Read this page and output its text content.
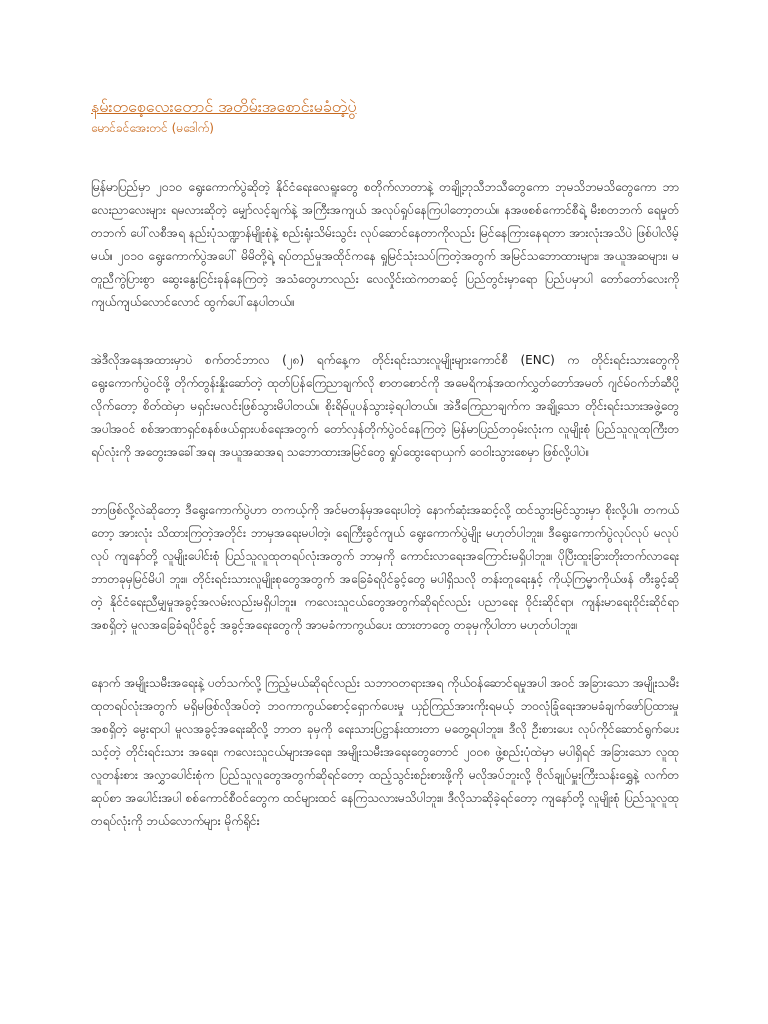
နမ်းတစေ့လေးတောင် အတိမ်းအစောင်းမခံတဲ့ပွဲ
မောင်ခင်အေးတင် (မဒေါက်)

မြန်မာပြည်မှာ ၂၀၁၀ ရွေးကောက်ပွဲဆိုတဲ့ နိုင်ငံရေးလေရူးတွေ စတိုက်လာတာနဲ့ တချို့ဘုသီဘသီတွေကော ဘုမသိဘမသိတွေကော ဘာလေးညာလေးများ ရမလားဆိုတဲ့ မျှော်လင့်ချက်နဲ့ အကြီးအကျယ် အလုပ်ရှုပ်နေကြပါတော့တယ်။ နအဖစစ်ကောင်စီရဲ့ မီးစတဘက် ရေမှုတ်တဘက် ပေါ်လစီအရ နည်းပုံသဏ္ဍာန်မျိုးစုံနဲ့ စည်းရုံးသိမ်းသွင်း လုပ်ဆောင်နေတာကိုလည်း မြင်နေကြားနေရတာ အားလုံးအသိပဲ ဖြစ်ပါလိမ့်မယ်။ ၂၀၁၀ ရွေးကောက်ပွဲအပေါ် မိမိတို့ရဲ့ ရပ်တည်မှုအထိုင်ကနေ ရှုမြင်သုံးသပ်ကြတဲ့အတွက် အမြင်သဘောထားများ၊ အယူအဆများ၊ မတူညီကွဲပြားစွာ ဆွေးနွေးငြင်းခုန်နေကြတဲ့ အသံတွေဟာလည်း လေလှိုင်းထဲကတဆင့် ပြည်တွင်းမှာရော ပြည်ပမှာပါ တော်တော်လေးကို ကျယ်ကျယ်လောင်လောင် ထွက်ပေါ်နေပါတယ်။

အဲဒီလိုအနေအထားမှာပဲ စက်တင်ဘာလ (၂၈) ရက်နေ့က တိုင်းရင်းသားလူမျိုးများကောင်စီ (ENC) က တိုင်းရင်းသားတွေကို ရွေးကောက်ပွဲဝင်ဖို့ တိုက်တွန်းနှိုးဆော်တဲ့ ထုတ်ပြန်ကြေညာချက်လို စာတစောင်ကို အမေရိကန်အထက်လွှတ်တော်အမတ် ဂျင်မ်ဝက်ဘ်ဆီပို့လိုက်တော့ စိတ်ထဲမှာ မရှင်းမလင်းဖြစ်သွားမိပါတယ်။ စိုးရိမ်ပူပန်သွားခဲ့ရပါတယ်။ အဲဒီကြေညာချက်က အချို့သော တိုင်းရင်းသားအဖွဲ့တွေအပါအဝင် စစ်အာဏာရှင်စနစ်ဖယ်ရှားပစ်ရေးအတွက် တော်လှန်တိုက်ပွဲဝင်နေကြတဲ့ မြန်မာပြည်တဝှမ်းလုံးက လူမျိုးစုံ ပြည်သူလူထုကြီးတရပ်လုံးကို အတွေးအခေါ်အရ၊ အယူအဆအရ သဘောထားအမြင်တွေ ရှုပ်ထွေးရောယှက် ဝေဝါးသွားစေမှာ ဖြစ်လို့ပါပဲ။

ဘာဖြစ်လို့လဲဆိုတော့ ဒီရွေးကောက်ပွဲဟာ တကယ့်ကို အင်မတန်မှအရေးပါတဲ့ နောက်ဆုံးအဆင့်လို့ ထင်သွားမြင်သွားမှာ စိုးလို့ပါ။ တကယ်တော့ အားလုံး သိထားကြတဲ့အတိုင်း ဘာမှအရေးမပါတဲ့၊ ရေကြီးခွင်ကျယ် ရွေးကောက်ပွဲမျိုး မဟုတ်ပါဘူး။ ဒီရွေးကောက်ပွဲလုပ်လုပ် မလုပ်လုပ် ကျနော်တို့ လူမျိုးပေါင်းစုံ ပြည်သူလူထုတရပ်လုံးအတွက် ဘာမှကို ကောင်းလာရေးအကြောင်းမရှိပါဘူး။ ပိုပြီးထူးခြားတိုးတက်လာရေး ဘာတခုမှမြင်မိပါ ဘူး။ တိုင်းရင်းသားလူမျိုးစုတွေအတွက် အခြေခံရပိုင်ခွင့်တွေ မပါရှိသလို တန်းတူရေးနှင့် ကိုယ့်ကြမ္မာကိုယ်ဖန် တီးခွင့်ဆိုတဲ့ နိုင်ငံရေးညီမျှမှုအခွင့်အလမ်းလည်းမရှိပါဘူး။ ကလေးသူငယ်တွေအတွက်ဆိုရင်လည်း ပညာရေး ဝိုင်းဆိုင်ရာ၊ ကျန်းမာရေးဝိုင်းဆိုင်ရာ အစရှိတဲ့ မူလအခြေခံရပိုင်ခွင့် အခွင့်အရေးတွေကို အာမခံကာကွယ်ပေး ထားတာတွေ တခုမှကိုပါတာ မဟုတ်ပါဘူး။

နောက် အမျိုးသမီးအရေးနဲ့ ပတ်သက်လို့ ကြည့်မယ်ဆိုရင်လည်း သဘာဝတရားအရ ကိုယ်ဝန်ဆောင်ရမှုအပါ အဝင် အခြားသော အမျိုးသမီးထုတရပ်လုံးအတွက် မရှိမဖြစ်လိုအပ်တဲ့ ဘဝကာကွယ်စောင့်ရှောက်ပေးမှု ယှဉ်ကြည်အားကိုးရမယ့် ဘဝလုံခြုံရေးအာမခံချက်ဖော်ပြထားမှု အစရှိတဲ့ မွေးရာပါ မူလအခွင့်အရေးဆိုလို့ ဘာတ ခုမှကို ရေးသားပြဋ္ဌာန်းထားတာ မတွေ့ရပါဘူး။ ဒီလို ဦးစားပေး လုပ်ကိုင်ဆောင်ရွက်ပေးသင့်တဲ့ တိုင်းရင်းသား အရေး၊ ကလေးသူငယ်များအရေး၊ အမျိုးသမီးအရေးတွေတောင် ၂၀၀၈ ဖွဲ့စည်းပုံထဲမှာ မပါရှိရင် အခြားသော လူထုလူတန်းစား အလွှာပေါင်းစုံက ပြည်သူလူတွေအတွက်ဆိုရင်တော့ ထည့်သွင်းစဉ်းစားဖို့ကို မလိုအပ်ဘူးလို့ ဗိုလ်ချုပ်မှူးကြီးသန်းရွှေနဲ့ လက်တဆုပ်စာ အပေါင်းအပါ စစ်ကောင်စီဝင်တွေက ထင်များထင် နေကြသလားမသိပါဘူး။ ဒီလိုသာဆိုခဲ့ရင်တော့ ကျနော်တို့ လူမျိုးစုံ ပြည်သူလူထုတရပ်လုံးကို ဘယ်လောက်များ မိုက်ရိုင်း
